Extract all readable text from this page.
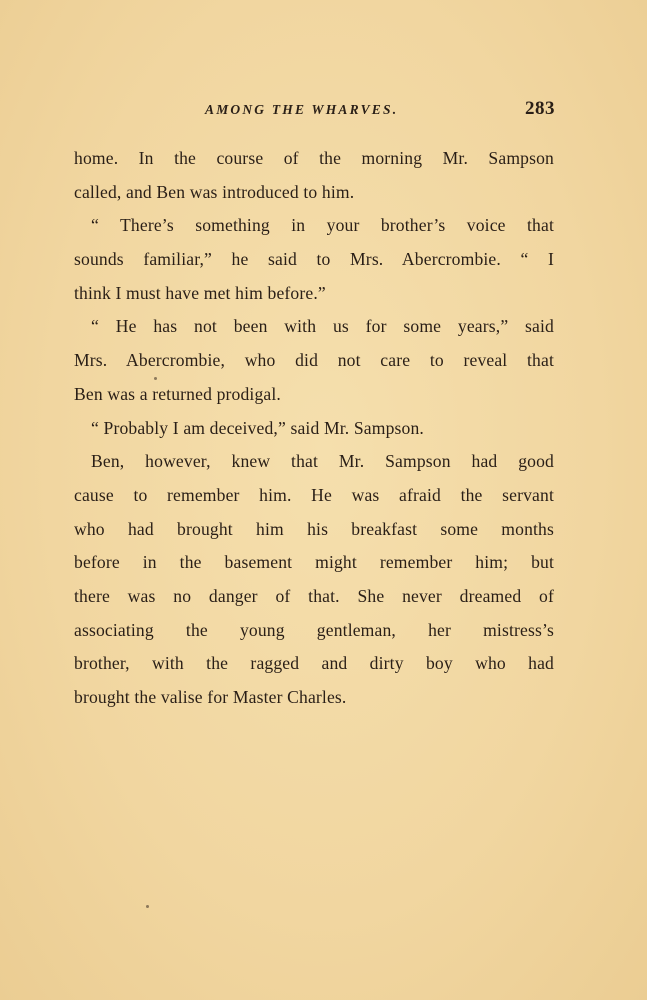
AMONG THE WHARVES.	283
home. In the course of the morning Mr. Sampson
called, and Ben was introduced to him.
“ There’s something in your brother’s voice that
sounds familiar,” he said to Mrs. Abercrombie. “ I
think I must have met him before.”
“ He has not been with us for some years,” said
Mrs. Abercrombie, who did not care to reveal that
Ben was a returned prodigal.
“ Probably I am deceived,” said Mr. Sampson.
Ben, however, knew that Mr. Sampson had good
cause to remember him. He was afraid the servant
who had brought him his breakfast some months
before in the basement might remember him; but
there was no danger of that. She never dreamed of
associating the young gentleman, her mistress’s
brother, with the ragged and dirty boy who had
brought the valise for Master Charles.
